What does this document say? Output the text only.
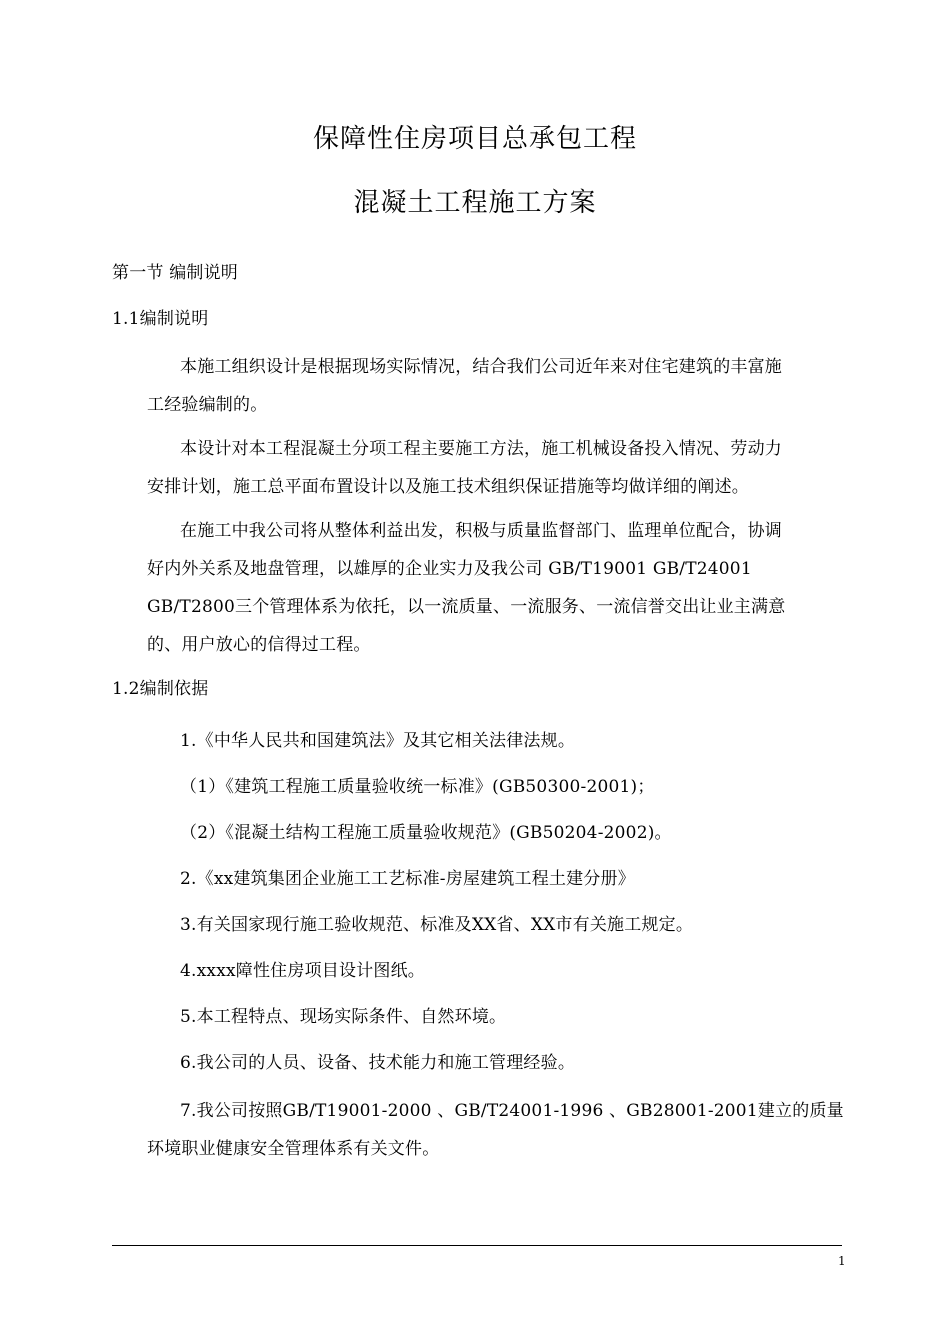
保障性住房项目总承包工程
混凝土工程施工方案
第一节 编制说明
1.1编制说明
本施工组织设计是根据现场实际情况，结合我们公司近年来对住宅建筑的丰富施
工经验编制的。
本设计对本工程混凝土分项工程主要施工方法，施工机械设备投入情况、劳动力
安排计划，施工总平面布置设计以及施工技术组织保证措施等均做详细的阐述。
在施工中我公司将从整体利益出发，积极与质量监督部门、监理单位配合，协调
好内外关系及地盘管理，以雄厚的企业实力及我公司 GB/T19001 GB/T24001
GB/T2800三个管理体系为依托，以一流质量、一流服务、一流信誉交出让业主满意
的、用户放心的信得过工程。
1.2编制依据
1.《中华人民共和国建筑法》及其它相关法律法规。
（1）《建筑工程施工质量验收统一标准》(GB50300-2001)；
（2）《混凝土结构工程施工质量验收规范》(GB50204-2002)。
2.《xx建筑集团企业施工工艺标准-房屋建筑工程土建分册》
3.有关国家现行施工验收规范、标准及XX省、XX市有关施工规定。
4.xxxx障性住房项目设计图纸。
5.本工程特点、现场实际条件、自然环境。
6.我公司的人员、设备、技术能力和施工管理经验。
7.我公司按照GB/T19001-2000 、GB/T24001-1996 、GB28001-2001建立的质量
环境职业健康安全管理体系有关文件。
1
